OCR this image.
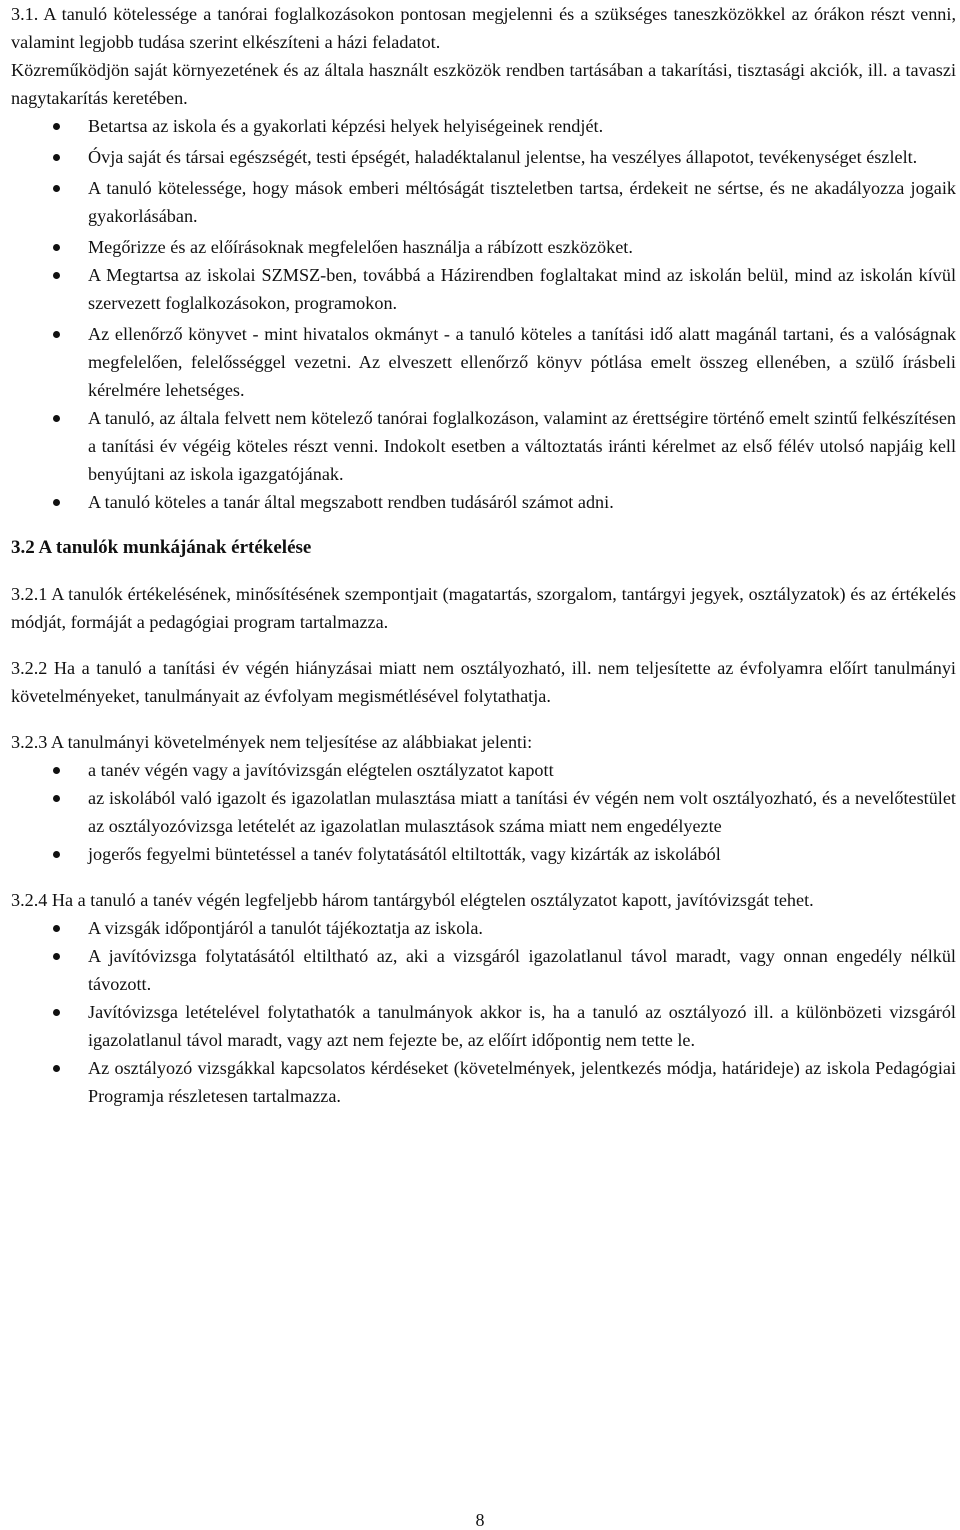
3.1. A tanuló kötelessége a tanórai foglalkozásokon pontosan megjelenni és a szükséges taneszközökkel az órákon részt venni, valamint legjobb tudása szerint elkészíteni a házi feladatot.

Közreműködjön saját környezetének és az általa használt eszközök rendben tartásában a takarítási, tisztasági akciók, ill. a tavaszi nagytakarítás keretében.

Betartsa az iskola és a gyakorlati képzési helyek helyiségeinek rendjét.
Óvja saját és társai egészségét, testi épségét, haladéktalanul jelentse, ha veszélyes állapotot, tevékenységet észlelt.
A tanuló kötelessége, hogy mások emberi méltóságát tiszteletben tartsa, érdekeit ne sértse, és ne akadályozza jogaik gyakorlásában.
Megőrizze és az előírásoknak megfelelően használja a rábízott eszközöket.
A Megtartsa az iskolai SZMSZ-ben, továbbá a Házirendben foglaltakat mind az iskolán belül, mind az iskolán kívül szervezett foglalkozásokon, programokon.
Az ellenőrző könyvet - mint hivatalos okmányt - a tanuló köteles a tanítási idő alatt magánál tartani, és a valóságnak megfelelően, felelősséggel vezetni. Az elveszett ellenőrző könyv pótlása emelt összeg ellenében, a szülő írásbeli kérelmére lehetséges.
A tanuló, az általa felvett nem kötelező tanórai foglalkozáson, valamint az érettségire történő emelt szintű felkészítésen a tanítási év végéig köteles részt venni. Indokolt esetben a változtatás iránti kérelmet az első félév utolsó napjáig kell benyújtani az iskola igazgatójának.
A tanuló köteles a tanár által megszabott rendben tudásáról számot adni.
3.2 A tanulók munkájának értékelése

3.2.1 A tanulók értékelésének, minősítésének szempontjait (magatartás, szorgalom, tantárgyi jegyek, osztályzatok) és az értékelés módját, formáját a pedagógiai program tartalmazza.

3.2.2 Ha a tanuló a tanítási év végén hiányzásai miatt nem osztályozható, ill. nem teljesítette az évfolyamra előírt tanulmányi követelményeket, tanulmányait az évfolyam megismétlésével folytathatja.

3.2.3 A tanulmányi követelmények nem teljesítése az alábbiakat jelenti:

a tanév végén vagy a javítóvizsgán elégtelen osztályzatot kapott
az iskolából való igazolt és igazolatlan mulasztása miatt a tanítási év végén nem volt osztályozható, és a nevelőtestület az osztályozóvizsga letételét az igazolatlan mulasztások száma miatt nem engedélyezte
jogerős fegyelmi büntetéssel a tanév folytatásától eltiltották, vagy kizárták az iskolából

3.2.4 Ha a tanuló a tanév végén legfeljebb három tantárgyból elégtelen osztályzatot kapott, javítóvizsgát tehet.

A vizsgák időpontjáról a tanulót tájékoztatja az iskola.
A javítóvizsga folytatásától eltiltható az, aki a vizsgáról igazolatlanul távol maradt, vagy onnan engedély nélkül távozott.
Javítóvizsga letételével folytathatók a tanulmányok akkor is, ha a tanuló az osztályozó ill. a különbözeti vizsgáról igazolatlanul távol maradt, vagy azt nem fejezte be, az előírt időpontig nem tette le.
Az osztályozó vizsgákkal kapcsolatos kérdéseket (követelmények, jelentkezés módja, határideje) az iskola Pedagógiai Programja részletesen tartalmazza.
8
